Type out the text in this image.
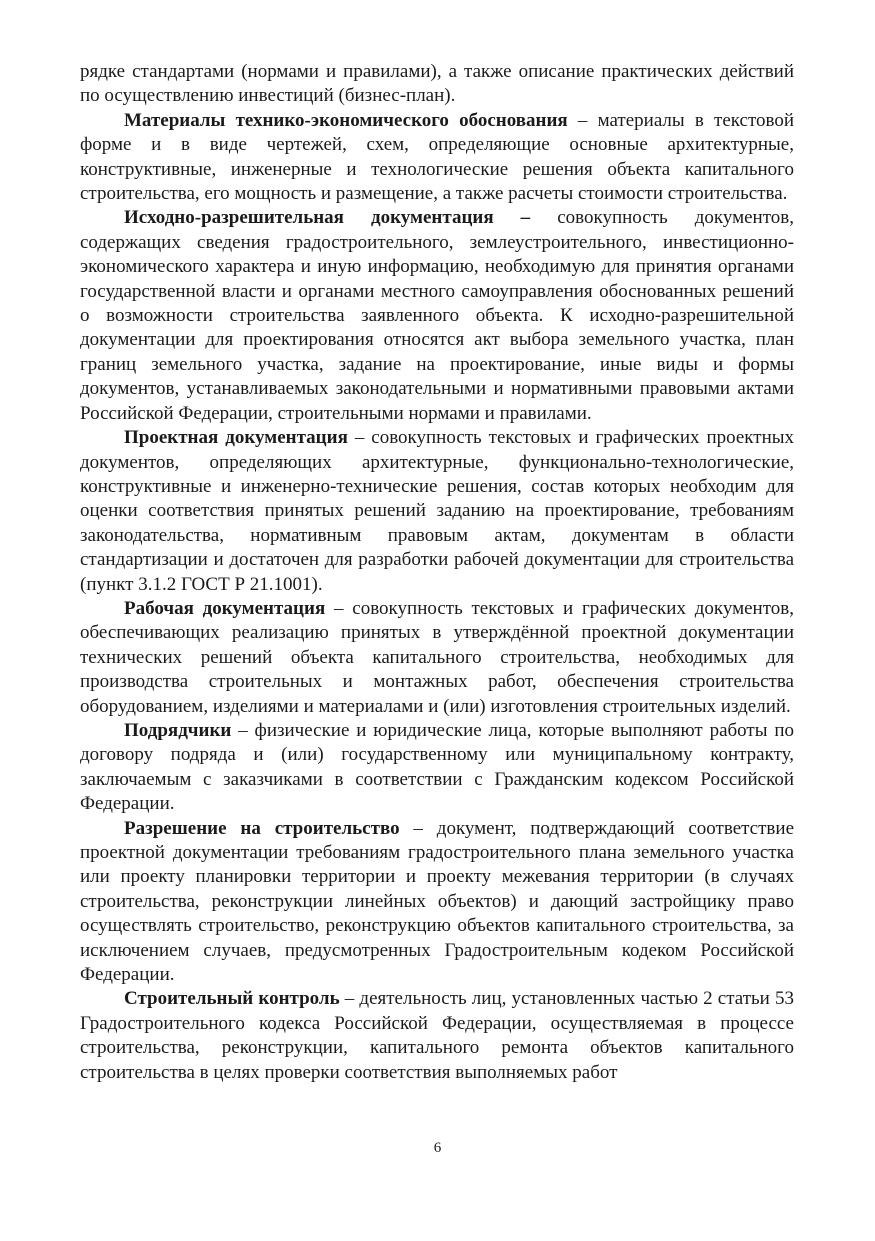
рядке стандартами (нормами и правилами), а также описание практических действий по осуществлению инвестиций (бизнес-план).

Материалы технико-экономического обоснования – материалы в текстовой форме и в виде чертежей, схем, определяющие основные архитектурные, конструктивные, инженерные и технологические решения объекта капитального строительства, его мощность и размещение, а также расчеты стоимости строительства.

Исходно-разрешительная документация – совокупность документов, содержащих сведения градостроительного, землеустроительного, инвестиционно-экономического характера и иную информацию, необходимую для принятия органами государственной власти и органами местного самоуправления обоснованных решений о возможности строительства заявленного объекта. К исходно-разрешительной документации для проектирования относятся акт выбора земельного участка, план границ земельного участка, задание на проектирование, иные виды и формы документов, устанавливаемых законодательными и нормативными правовыми актами Российской Федерации, строительными нормами и правилами.

Проектная документация – совокупность текстовых и графических проектных документов, определяющих архитектурные, функционально-технологические, конструктивные и инженерно-технические решения, состав которых необходим для оценки соответствия принятых решений заданию на проектирование, требованиям законодательства, нормативным правовым актам, документам в области стандартизации и достаточен для разработки рабочей документации для строительства (пункт 3.1.2 ГОСТ Р 21.1001).

Рабочая документация – совокупность текстовых и графических документов, обеспечивающих реализацию принятых в утверждённой проектной документации технических решений объекта капитального строительства, необходимых для производства строительных и монтажных работ, обеспечения строительства оборудованием, изделиями и материалами и (или) изготовления строительных изделий.

Подрядчики – физические и юридические лица, которые выполняют работы по договору подряда и (или) государственному или муниципальному контракту, заключаемым с заказчиками в соответствии с Гражданским кодексом Российской Федерации.

Разрешение на строительство – документ, подтверждающий соответствие проектной документации требованиям градостроительного плана земельного участка или проекту планировки территории и проекту межевания территории (в случаях строительства, реконструкции линейных объектов) и дающий застройщику право осуществлять строительство, реконструкцию объектов капитального строительства, за исключением случаев, предусмотренных Градостроительным кодеком Российской Федерации.

Строительный контроль – деятельность лиц, установленных частью 2 статьи 53 Градостроительного кодекса Российской Федерации, осуществляемая в процессе строительства, реконструкции, капитального ремонта объектов капитального строительства в целях проверки соответствия выполняемых работ

6
